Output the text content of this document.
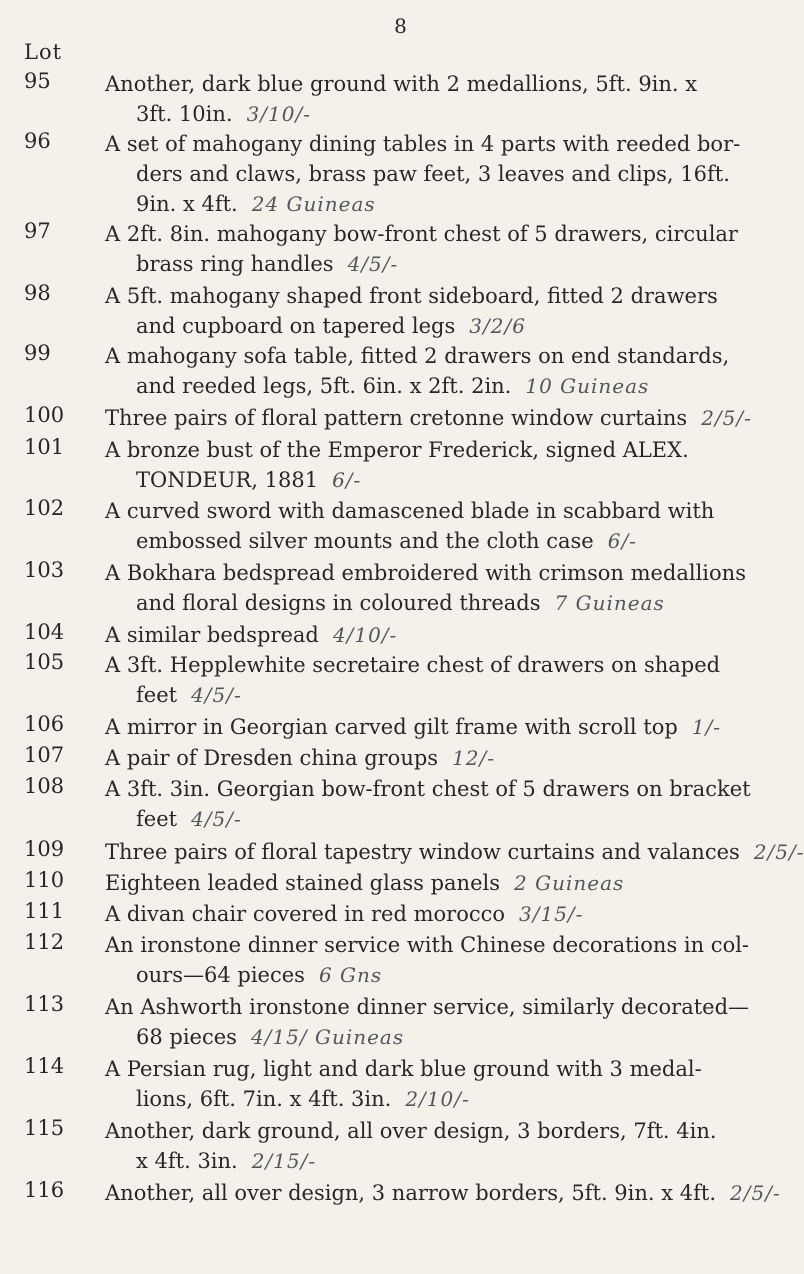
8
Lot
95	Another, dark blue ground with 2 medallions, 5ft. 9in. x
3ft. 10in. 3/10/-
96	A set of mahogany dining tables in 4 parts with reeded bor-
ders and claws, brass paw feet, 3 leaves and clips, 16ft.
9in. x 4ft. 24 Guineas
97	A 2ft. 8in. mahogany bow-front chest of 5 drawers, circular
brass ring handles 4/5/-
98	A 5ft. mahogany shaped front sideboard, fitted 2 drawers
and cupboard on tapered legs 3/2/6
99	A mahogany sofa table, fitted 2 drawers on end standards,
and reeded legs, 5ft. 6in. x 2ft. 2in. 10 Guineas
100 Three pairs of floral pattern cretonne window curtains 2/5/-
101 A bronze bust of the Emperor Frederick, signed ALEX.
TONDEUR, 1881 6/-
102 A curved sword with damascened blade in scabbard with
embossed silver mounts and the cloth case 6/-
103 A Bokhara bedspread embroidered with crimson medallions
and floral designs in coloured threads 7 Guineas
104 A similar bedspread 4/10/-
105 A 3ft. Hepplewhite secretaire chest of drawers on shaped
feet 4/5/-
106 A mirror in Georgian carved gilt frame with scroll top 1/-
107 A pair of Dresden china groups 12/-
108 A 3ft. 3in. Georgian bow-front chest of 5 drawers on bracket
feet 4/5/-
109 Three pairs of floral tapestry window curtains and valances 2/5/-
110 Eighteen leaded stained glass panels 2 Guineas
111 A divan chair covered in red morocco 3/15/-
112 An ironstone dinner service with Chinese decorations in col-
ours—64 pieces 6 Gns
113 An Ashworth ironstone dinner service, similarly decorated—
68 pieces 4/15/ Guineas
114 A Persian rug, light and dark blue ground with 3 medal-
lions, 6ft. 7in. x 4ft. 3in. 2/10/-
115 Another, dark ground, all over design, 3 borders, 7ft. 4in.
x 4ft. 3in. 2/15/-
116 Another, all over design, 3 narrow borders, 5ft. 9in. x 4ft. 2/5/-
